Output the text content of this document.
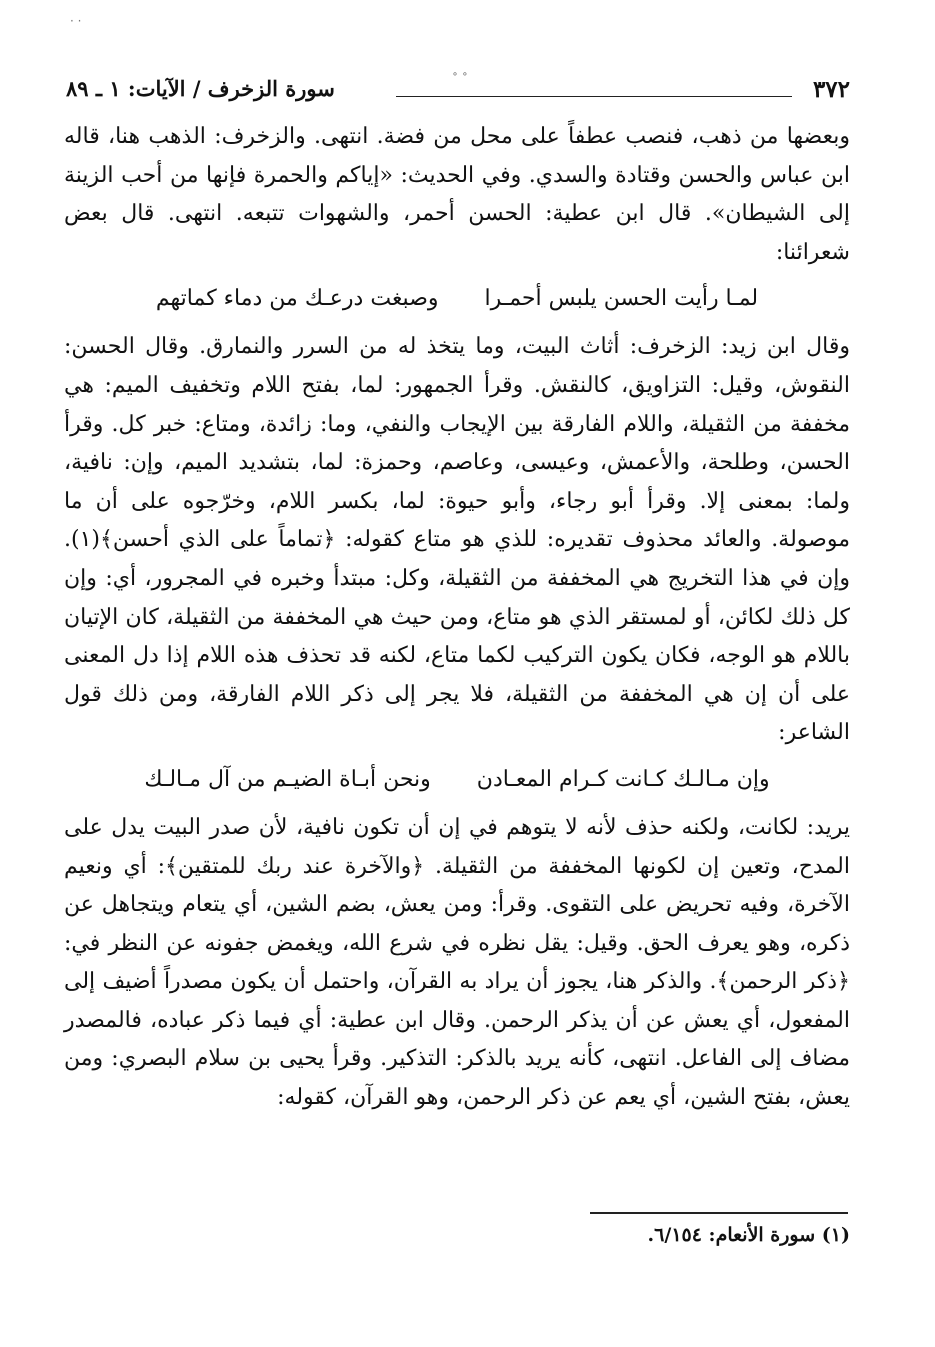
· ·
˚ ˚	٣٧٢
سورة الزخرف / الآيات: ١ ـ ٨٩

وبعضها من ذهب، فنصب عطفاً على محل من فضة. انتهى. والزخرف: الذهب هنا، قاله ابن عباس والحسن وقتادة والسدي. وفي الحديث: «إياكم والحمرة فإنها من أحب الزينة إلى الشيطان». قال ابن عطية: الحسن أحمر، والشهوات تتبعه. انتهى. قال بعض شعرائنا:

لمـا رأيت الحسن يلبس أحمـرا
وصبغت درعـك من دماء كماتهم

وقال ابن زيد: الزخرف: أثاث البيت، وما يتخذ له من السرر والنمارق. وقال الحسن: النقوش، وقيل: التزاويق، كالنقش. وقرأ الجمهور: لما، بفتح اللام وتخفيف الميم: هي مخففة من الثقيلة، واللام الفارقة بين الإيجاب والنفي، وما: زائدة، ومتاع: خبر كل. وقرأ الحسن، وطلحة، والأعمش، وعيسى، وعاصم، وحمزة: لما، بتشديد الميم، وإن: نافية، ولما: بمعنى إلا. وقرأ أبو رجاء، وأبو حيوة: لما، بكسر اللام، وخرّجوه على أن ما موصولة. والعائد محذوف تقديره: للذي هو متاع كقوله: ﴿تماماً على الذي أحسن﴾(١). وإن في هذا التخريج هي المخففة من الثقيلة، وكل: مبتدأ وخبره في المجرور، أي: وإن كل ذلك لكائن، أو لمستقر الذي هو متاع، ومن حيث هي المخففة من الثقيلة، كان الإتيان باللام هو الوجه، فكان يكون التركيب لكما متاع، لكنه قد تحذف هذه اللام إذا دل المعنى على أن إن هي المخففة من الثقيلة، فلا يجر إلى ذكر اللام الفارقة، ومن ذلك قول الشاعر:

وإن مـالـك كـانت كـرام المعـادن
ونحن أبـاة الضيـم من آل مـالـك

يريد: لكانت، ولكنه حذف لأنه لا يتوهم في إن أن تكون نافية، لأن صدر البيت يدل على المدح، وتعين إن لكونها المخففة من الثقيلة. ﴿والآخرة عند ربك للمتقين﴾: أي ونعيم الآخرة، وفيه تحريض على التقوى. وقرأ: ومن يعش، بضم الشين، أي يتعام ويتجاهل عن ذكره، وهو يعرف الحق. وقيل: يقل نظره في شرع الله، ويغمض جفونه عن النظر في: ﴿ذكر الرحمن﴾. والذكر هنا، يجوز أن يراد به القرآن، واحتمل أن يكون مصدراً أضيف إلى المفعول، أي يعش عن أن يذكر الرحمن. وقال ابن عطية: أي فيما ذكر عباده، فالمصدر مضاف إلى الفاعل. انتهى، كأنه يريد بالذكر: التذكير. وقرأ يحيى بن سلام البصري: ومن يعش، بفتح الشين، أي يعم عن ذكر الرحمن، وهو القرآن، كقوله:

(١) سورة الأنعام: ٦/١٥٤.
